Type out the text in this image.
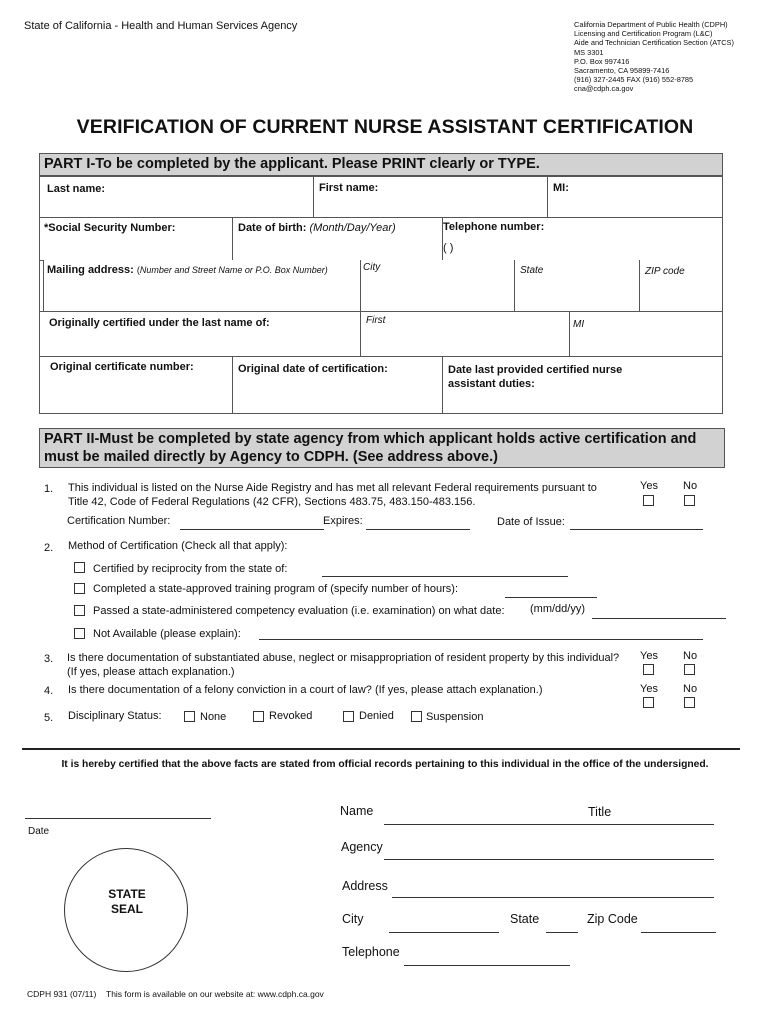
State of California - Health and Human Services Agency	California Department of Public Health (CDPH)
Licensing and Certification Program (L&C)
Aide and Technician Certification Section (ATCS)
MS 3301
P.O. Box 997416
Sacramento, CA 95899-7416
(916) 327-2445 FAX (916) 552-8785
cna@cdph.ca.gov
VERIFICATION OF CURRENT NURSE ASSISTANT CERTIFICATION
PART I-To be completed by the applicant. Please PRINT clearly or TYPE.
Last name:	First name:	MI:
*Social Security Number:	Date of birth: (Month/Day/Year)	Telephone number:
( )
Mailing address: (Number and Street Name or P.O. Box Number)	City	State	ZIP code
Originally certified under the last name of:	First	MI
Original certificate number:	Original date of certification:	Date last provided certified nurse assistant duties:
PART II-Must be completed by state agency from which applicant holds active certification and must be mailed directly by Agency to CDPH. (See address above.)
1. This individual is listed on the Nurse Aide Registry and has met all relevant Federal requirements pursuant to
Title 42, Code of Federal Regulations (42 CFR), Sections 483.75, 483.150-483.156.
Yes No
Certification Number:	Expires:	Date of Issue:
2. Method of Certification (Check all that apply):
Certified by reciprocity from the state of:
Completed a state-approved training program of (specify number of hours):
Passed a state-administered competency evaluation (i.e. examination) on what date: (mm/dd/yy)
Not Available (please explain):
3. Is there documentation of substantiated abuse, neglect or misappropriation of resident property by this individual?
(If yes, please attach explanation.)
Yes No
4. Is there documentation of a felony conviction in a court of law? (If yes, please attach explanation.)	Yes No
5. Disciplinary Status:	None	Revoked	Denied	Suspension
It is hereby certified that the above facts are stated from official records pertaining to this individual in the office of the undersigned.
Date
Name	Title
Agency
Address
City	State	Zip Code
Telephone
STATE
SEAL
CDPH 931 (07/11) This form is available on our website at: www.cdph.ca.gov
